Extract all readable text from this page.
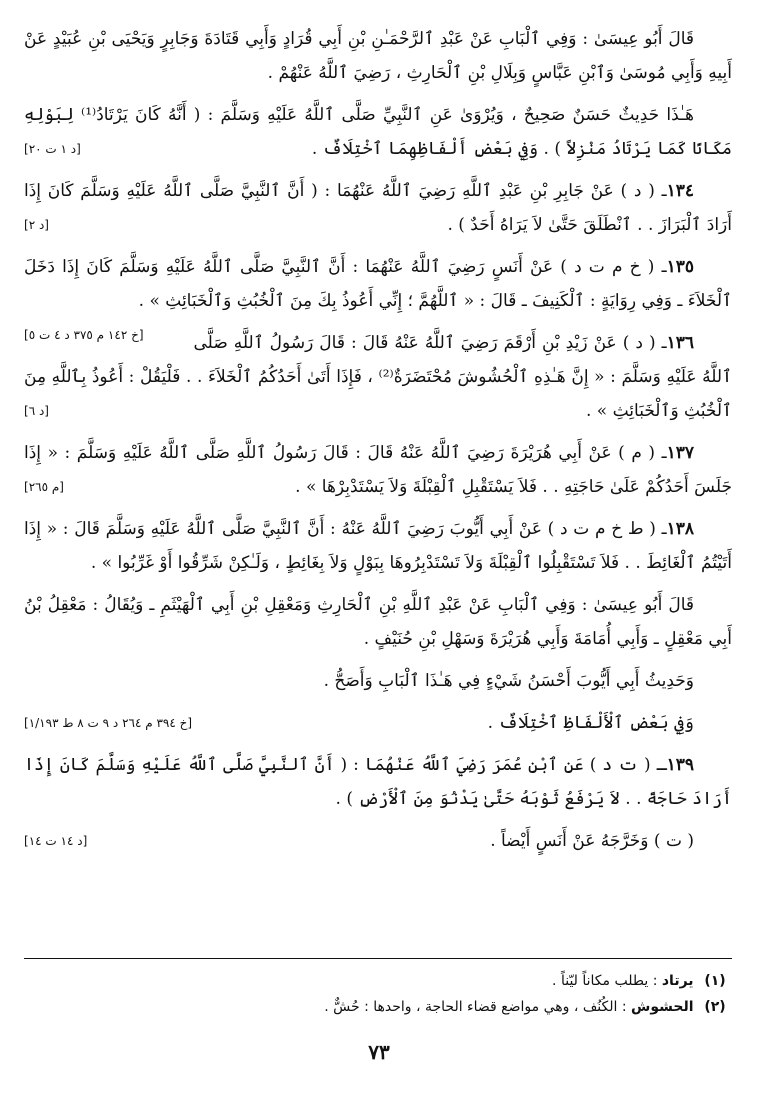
قَالَ أَبُو عِيسَىٰ : وَفِي ٱلْبَابِ عَنْ عَبْدِ ٱلرَّحْمَـٰنِ بْنِ أَبِي قُرَادٍ وَأَبِي قَتَادَةَ وَجَابِرٍ وَيَحْيَى بْنِ عُبَيْدٍ عَنْ أَبِيهِ وَأَبِي مُوسَىٰ وَٱبْنِ عَبَّاسٍ وَبِلَالِ بْنِ ٱلْحَارِثِ ، رَضِيَ ٱللَّهُ عَنْهُمْ .

هَـٰذَا حَدِيثٌ حَسَنٌ صَحِيحٌ ، وَيُرْوَىٰ عَنِ ٱلنَّبِيِّ صَلَّى ٱللَّهُ عَلَيْهِ وَسَلَّمَ : ( أَنَّهُ كَانَ يَرْتَادُ⁽¹⁾ لِبَوْلِهِ مَكَانًا كَمَا يَرْتَادُ مَنْزِلاً ) . وَفِي بَعْضِ أَلْفَاظِهِمَا ٱخْتِلَافٌ .
[د ١ ت ٢٠]

١٣٤ـ ( د ) عَنْ جَابِرِ بْنِ عَبْدِ ٱللَّهِ رَضِيَ ٱللَّهُ عَنْهُمَا : ( أَنَّ ٱلنَّبِيَّ صَلَّى ٱللَّهُ عَلَيْهِ وَسَلَّمَ كَانَ إِذَا أَرَادَ ٱلْبَرَازَ . . ٱنْطَلَقَ حَتَّىٰ لاَ يَرَاهُ أَحَدٌ ) .
[د ٢]

١٣٥ـ ( خ م ت د ) عَنْ أَنَسٍ رَضِيَ ٱللَّهُ عَنْهُمَا : أَنَّ ٱلنَّبِيَّ صَلَّى ٱللَّهُ عَلَيْهِ وَسَلَّمَ كَانَ إِذَا دَخَلَ ٱلْخَلاَءَ ـ وَفِي رِوَايَةٍ : ٱلْكَنِيفَ ـ قَالَ : « ٱللَّهُمَّ ؛ إِنِّي أَعُوذُ بِكَ مِنَ ٱلْخُبُثِ وَٱلْخَبَائِثِ » .
[خ ١٤٢ م ٣٧٥ د ٤ ت ٥]	١٣٦ـ ( د ) عَنْ زَيْدِ بْنِ أَرْقَمَ رَضِيَ ٱللَّهُ عَنْهُ قَالَ : قَالَ رَسُولُ ٱللَّهِ صَلَّى ٱللَّهُ عَلَيْهِ وَسَلَّمَ : « إِنَّ هَـٰذِهِ ٱلْحُشُوشَ مُحْتَضَرَةٌ⁽²⁾ ، فَإِذَا أَتَىٰ أَحَدُكُمُ ٱلْخَلاَءَ . . فَلْيَقُلْ : أَعُوذُ بِٱللَّهِ مِنَ ٱلْخُبُثِ وَٱلْخَبَائِثِ » .
[د ٦]

١٣٧ـ ( م ) عَنْ أَبِي هُرَيْرَةَ رَضِيَ ٱللَّهُ عَنْهُ قَالَ : قَالَ رَسُولُ ٱللَّهِ صَلَّى ٱللَّهُ عَلَيْهِ وَسَلَّمَ : « إِذَا جَلَسَ أَحَدُكُمْ عَلَىٰ حَاجَتِهِ . . فَلاَ يَسْتَقْبِلِ ٱلْقِبْلَةَ وَلاَ يَسْتَدْبِرْهَا » .
[م ٢٦٥]

١٣٨ـ ( ط خ م ت د ) عَنْ أَبِي أَيُّوبَ رَضِيَ ٱللَّهُ عَنْهُ : أَنَّ ٱلنَّبِيَّ صَلَّى ٱللَّهُ عَلَيْهِ وَسَلَّمَ قَالَ : « إِذَا أَتَيْتُمُ ٱلْغَائِطَ . . فَلاَ تَسْتَقْبِلُوا ٱلْقِبْلَةَ وَلاَ تَسْتَدْبِرُوهَا بِبَوْلٍ وَلاَ بِغَائِطٍ ، وَلَـٰكِنْ شَرِّقُوا أَوْ غَرِّبُوا » .

قَالَ أَبُو عِيسَىٰ : وَفِي ٱلْبَابِ عَنْ عَبْدِ ٱللَّهِ بْنِ ٱلْحَارِثِ وَمَعْقِلِ بْنِ أَبِي ٱلْهَيْثَمِ ـ وَيُقَالُ : مَعْقِلُ بْنُ أَبِي مَعْقِلٍ ـ وَأَبِي أُمَامَةَ وَأَبِي هُرَيْرَةَ وَسَهْلِ بْنِ حُنَيْفٍ .

وَحَدِيثُ أَبِي أَيُّوبَ أَحْسَنُ شَيْءٍ فِي هَـٰذَا ٱلْبَابِ وَأَصَحُّ .

وَفِي بَعْضِ ٱلْأَلْفَاظِ ٱخْتِلَافٌ .
[خ ٣٩٤ م ٢٦٤ د ٩ ت ٨ ط ١/١٩٣]

١٣٩ـ ( ت د ) عَنِ ٱبْنِ عُمَرَ رَضِيَ ٱللَّهُ عَنْهُمَا : ( أَنَّ ٱلنَّبِيَّ صَلَّى ٱللَّهُ عَلَيْهِ وَسَلَّمَ كَانَ إِذَا أَرَادَ حَاجَةً . . لاَ يَرْفَعُ ثَوْبَهُ حَتَّىٰ يَدْنُوَ مِنَ ٱلْأَرْضِ ) .

( ت ) وَخَرَّجَهُ عَنْ أَنَسٍ أَيْضاً .
[د ١٤ ت ١٤]

(١) يرتاد : يطلب مكاناً ليّناً .
(٢) الحشوش : الكُنُف ، وهي مواضع قضاء الحاجة ، واحدها : حُشٌّ .
٧٣
